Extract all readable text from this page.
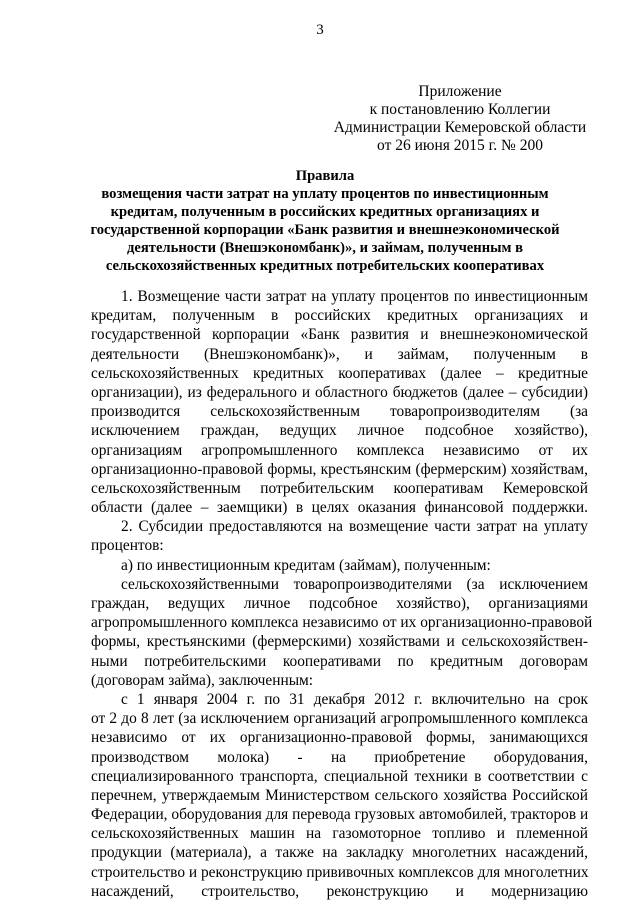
3
Приложение
к постановлению Коллегии
Администрации Кемеровской области
от 26 июня 2015 г. № 200
Правила
возмещения части затрат на уплату процентов по инвестиционным
кредитам, полученным в российских кредитных организациях и
государственной корпорации «Банк развития и внешнеэкономической
деятельности (Внешэкономбанк)», и займам, полученным в
сельскохозяйственных кредитных потребительских кооперативах
1. Возмещение части затрат на уплату процентов по инвестиционным
кредитам, полученным в российских кредитных организациях и
государственной корпорации «Банк развития и внешнеэкономической
деятельности (Внешэкономбанк)», и займам, полученным в
сельскохозяйственных кредитных кооперативах (далее – кредитные
организации), из федерального и областного бюджетов (далее – субсидии)
производится сельскохозяйственным товаропроизводителям (за
исключением граждан, ведущих личное подсобное хозяйство),
организациям агропромышленного комплекса независимо от их
организационно-правовой формы, крестьянским (фермерским) хозяйствам,
сельскохозяйственным потребительским кооперативам Кемеровской
области (далее – заемщики) в целях оказания финансовой поддержки.
2. Субсидии предоставляются на возмещение части затрат на уплату
процентов:
а) по инвестиционным кредитам (займам), полученным:
сельскохозяйственными товаропроизводителями (за исключением
граждан, ведущих личное подсобное хозяйство), организациями
агропромышленного комплекса независимо от их организационно-правовой
формы, крестьянскими (фермерскими) хозяйствами и сельскохозяйствен-
ными потребительскими кооперативами по кредитным договорам
(договорам займа), заключенным:
с 1 января 2004 г. по 31 декабря 2012 г. включительно на срок
от 2 до 8 лет (за исключением организаций агропромышленного комплекса
независимо от их организационно-правовой формы, занимающихся
производством молока) - на приобретение оборудования,
специализированного транспорта, специальной техники в соответствии с
перечнем, утверждаемым Министерством сельского хозяйства Российской
Федерации, оборудования для перевода грузовых автомобилей, тракторов и
сельскохозяйственных машин на газомоторное топливо и племенной
продукции (материала), а также на закладку многолетних насаждений,
строительство и реконструкцию прививочных комплексов для многолетних
насаждений, строительство, реконструкцию и модернизацию
